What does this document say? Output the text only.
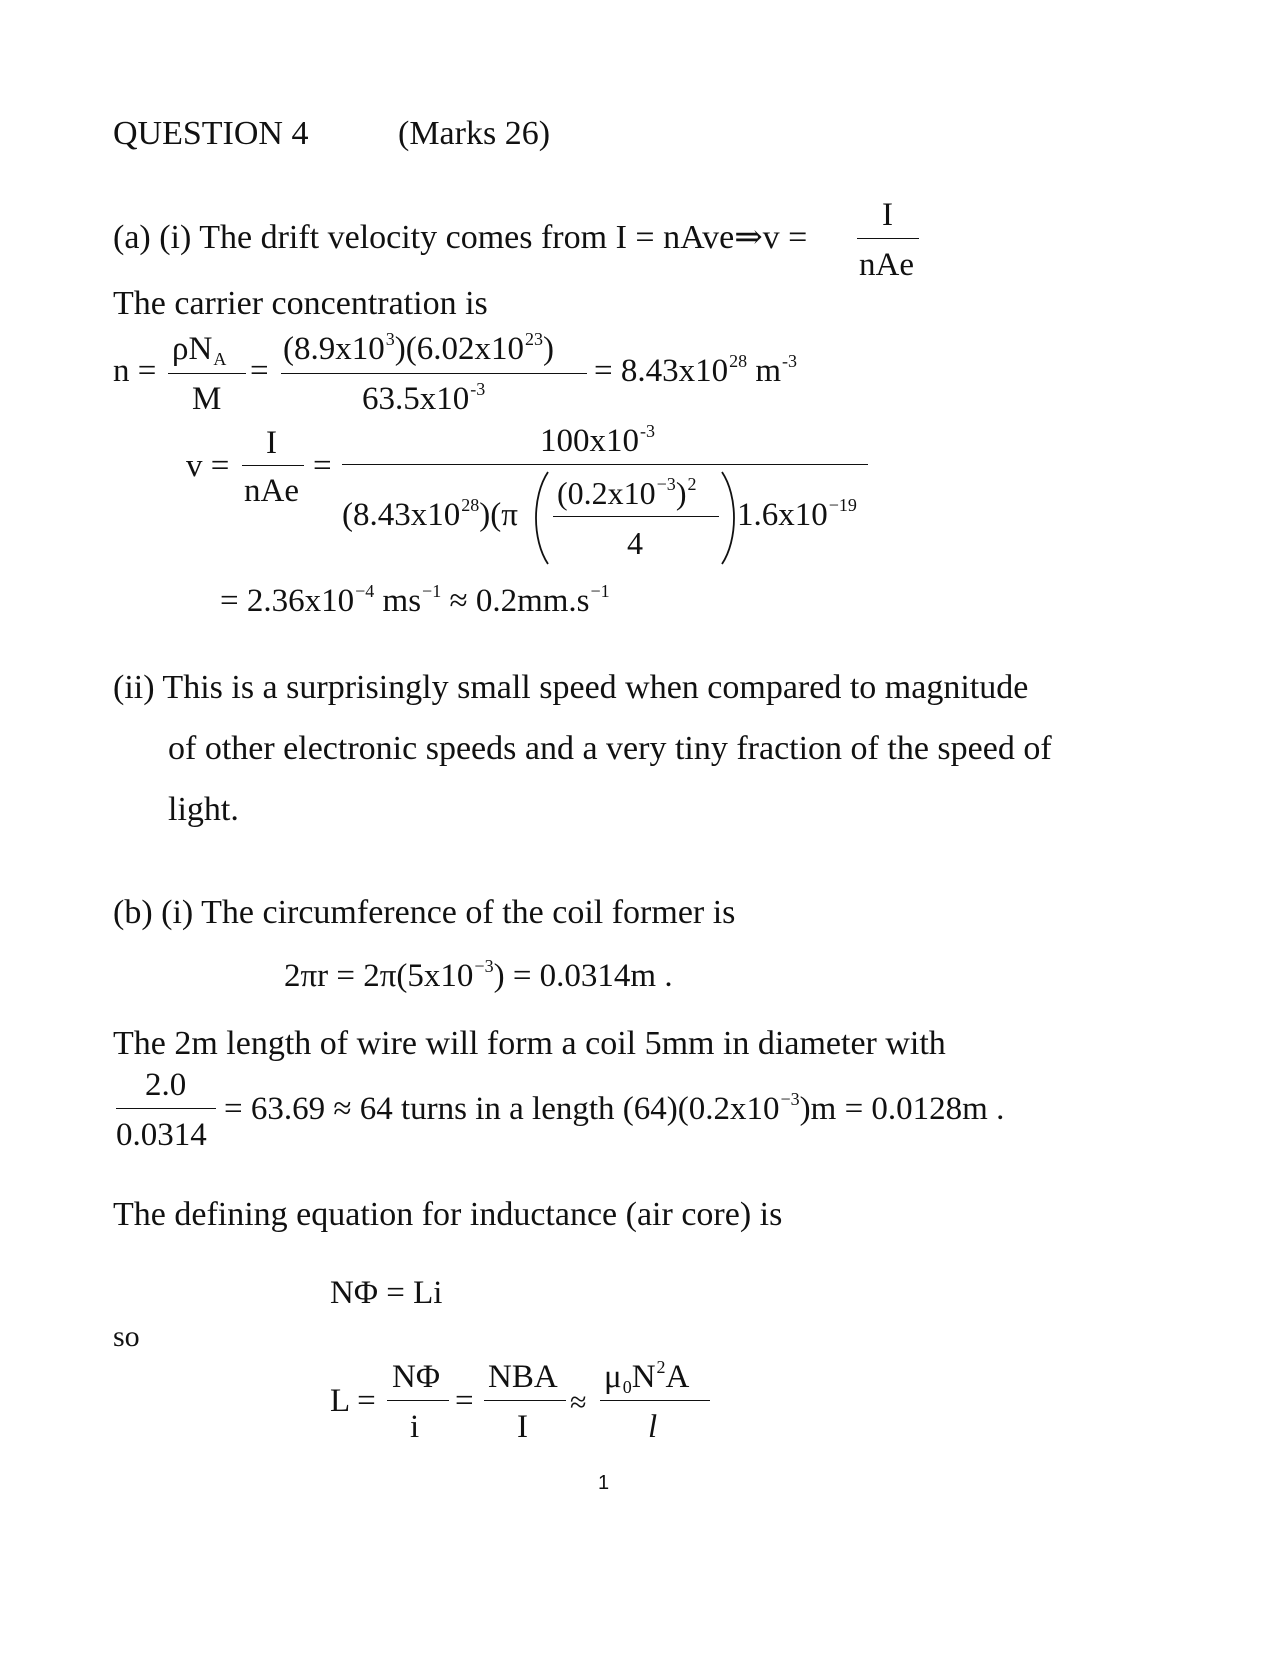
QUESTION 4	(Marks 26)
(a) (i) The drift velocity comes from I = nAve⇒v =
I
nAe
The carrier concentration is
n =
ρNA
M
=
$(8.9x10^3)(6.02x10^{23})$
$63.5x10^{-3}$	= $8.43x10^{28}$ $m^{-3}$
v =
I
nAe
=
$100x10^{-3}$
$(8.43x10^{28})(\pi$
$(0.2x10^{-3})^2$
4
$1.6x10^{-19}$
= $2.36x10^{-4}$ $ms^{-1} \approx 0.2mm.s^{-1}$
(ii) This is a surprisingly small speed when compared to magnitude
of other electronic speeds and a very tiny fraction of the speed of
light.
(b) (i) The circumference of the coil former is
$2\pi r = 2\pi(5x10^{-3}) = 0.0314m$ .
The 2m length of wire will form a coil 5mm in diameter with
2.0
0.0314
= 63.69 ≈ 64 turns in a length $(64)(0.2x10^{-3})m = 0.0128m$ .
The defining equation for inductance (air core) is
NΦ = Li
so
L =
NΦ
i
=
NBA
I
≈
$\mu 0N^2A$
l
1
